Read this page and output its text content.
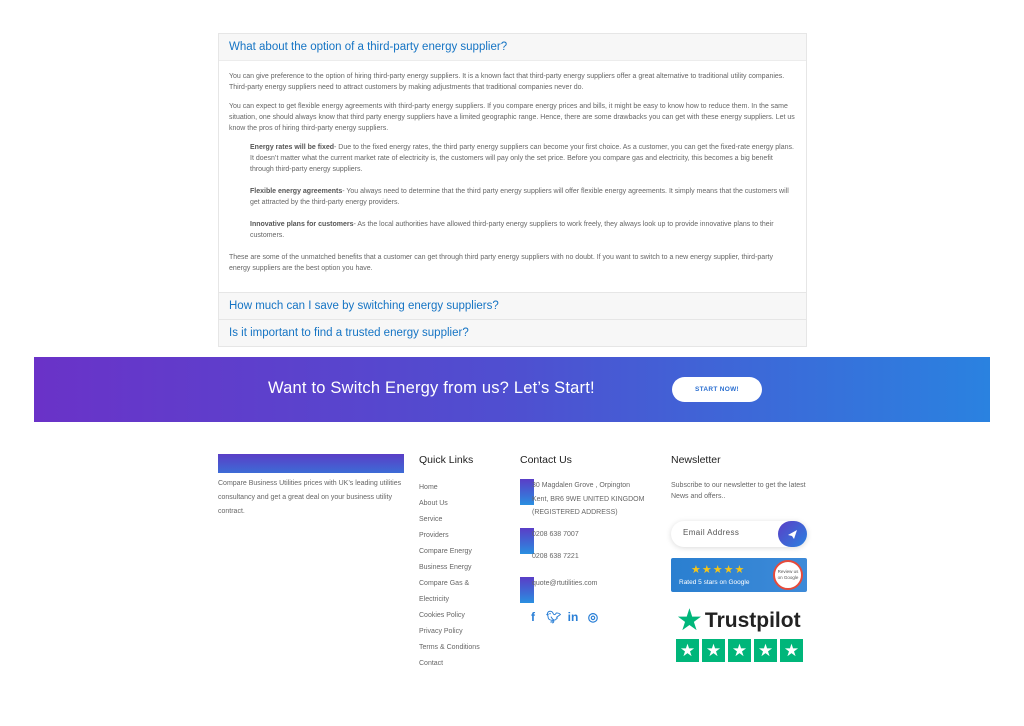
What about the option of a third-party energy supplier?

You can give preference to the option of hiring third-party energy suppliers. It is a known fact that third-party energy suppliers offer a great alternative to traditional utility companies. Third-party energy suppliers need to attract customers by making adjustments that traditional companies never do.

You can expect to get flexible energy agreements with third-party energy suppliers. If you compare energy prices and bills, it might be easy to know how to reduce them. In the same situation, one should always know that third party energy suppliers have a limited geographic range. Hence, there are some drawbacks you can get with these energy suppliers. Let us know the pros of hiring third-party energy suppliers.

Energy rates will be fixed- Due to the fixed energy rates, the third party energy suppliers can become your first choice. As a customer, you can get the fixed-rate energy plans. It doesn’t matter what the current market rate of electricity is, the customers will pay only the set price. Before you compare gas and electricity, this becomes a big benefit through third-party energy suppliers.
Flexible energy agreements- You always need to determine that the third party energy suppliers will offer flexible energy agreements. It simply means that the customers will get attracted by the third-party energy providers.
Innovative plans for customers- As the local authorities have allowed third-party energy suppliers to work freely, they always look up to provide innovative plans to their customers.

These are some of the unmatched benefits that a customer can get through third party energy suppliers with no doubt. If you want to switch to a new energy supplier, third-party energy suppliers are the best option you have.

How much can I save by switching energy suppliers?
Is it important to find a trusted energy supplier?
Want to Switch Energy from us? Let’s Start!	START NOW!
Compare Business Utilities prices with UK’s leading utilities consultancy and get a great deal on your business utility contract.
Quick Links
Home
About Us
Service
Providers
Compare Energy
Business Energy
Compare Gas &
Electricity
Cookies Policy
Privacy Policy
Terms & Conditions
Contact
Contact Us
30 Magdalen Grove , Orpington
Kent, BR6 9WE UNITED KINGDOM
(REGISTERED ADDRESS)
0208 638 7007
0208 638 7221
quote@rtutilities.com
f 🐦︎ in ◎
Newsletter
Subscribe to our newsletter to get the latest News and offers..
Email Address
★★★★★
Rated 5 stars on Google
Review us on Google
★ Trustpilot
★ ★ ★ ★ ★
